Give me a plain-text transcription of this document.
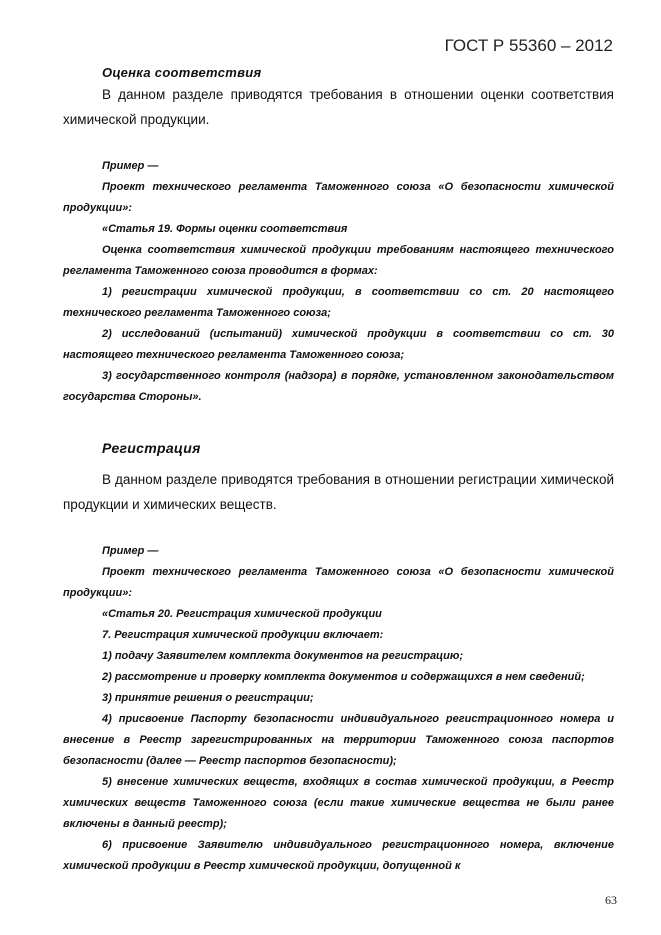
ГОСТ Р 55360 – 2012

Оценка соответствия

В данном разделе приводятся требования в отношении оценки соответствия химической продукции.

Пример —

Проект технического регламента Таможенного союза «О безопасности химической продукции»:

«Статья 19. Формы оценки соответствия

Оценка соответствия химической продукции требованиям настоящего технического регламента Таможенного союза проводится в формах:

1) регистрации химической продукции, в соответствии со ст. 20 настоящего технического регламента Таможенного союза;

2) исследований (испытаний) химической продукции в соответствии со ст. 30 настоящего технического регламента Таможенного союза;

3) государственного контроля (надзора) в порядке, установленном законодательством государства Стороны».

Регистрация

В данном разделе приводятся требования в отношении регистрации химической продукции и химических веществ.

Пример —

Проект технического регламента Таможенного союза «О безопасности химической продукции»:

«Статья 20. Регистрация химической продукции

7. Регистрация химической продукции включает:

1) подачу Заявителем комплекта документов на регистрацию;

2) рассмотрение и проверку комплекта документов и содержащихся в нем сведений;

3) принятие решения о регистрации;

4) присвоение Паспорту безопасности индивидуального регистрационного номера и внесение в Реестр зарегистрированных на территории Таможенного союза паспортов безопасности (далее — Реестр паспортов безопасности);

5) внесение химических веществ, входящих в состав химической продукции, в Реестр химических веществ Таможенного союза (если такие химические вещества не были ранее включены в данный реестр);

6) присвоение Заявителю индивидуального регистрационного номера, включение химической продукции в Реестр химической продукции, допущенной к

63
